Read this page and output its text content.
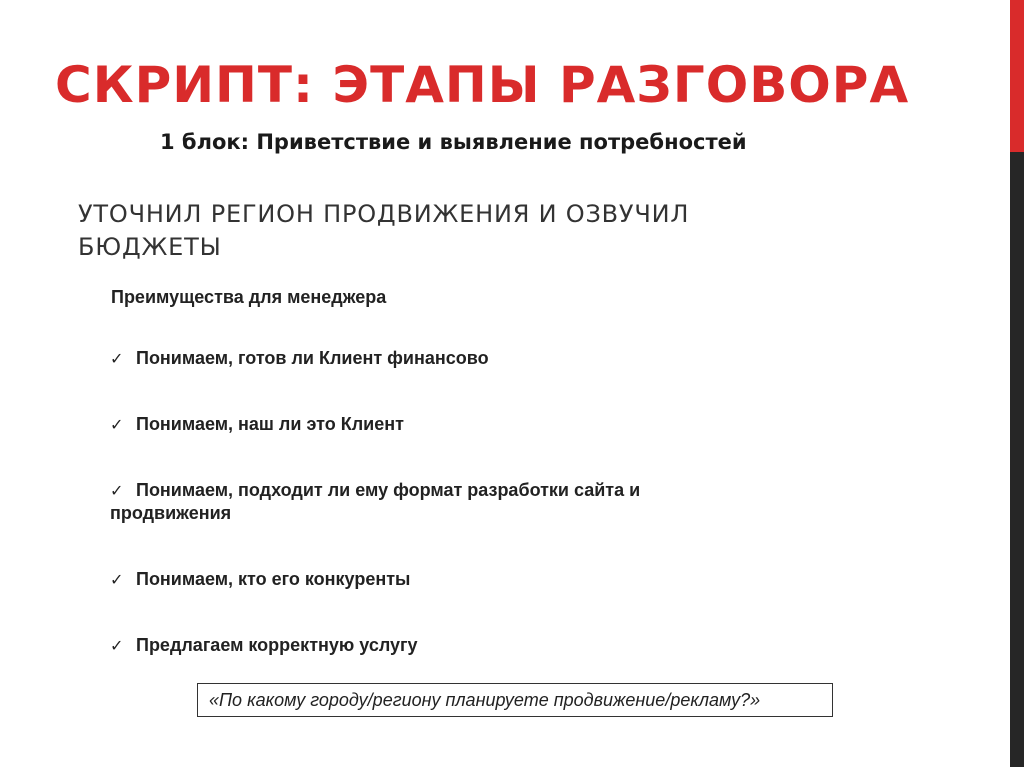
СКРИПТ: ЭТАПЫ РАЗГОВОРА
1 блок: Приветствие и выявление потребностей
УТОЧНИЛ РЕГИОН ПРОДВИЖЕНИЯ И ОЗВУЧИЛ БЮДЖЕТЫ
Преимущества для менеджера
✓ Понимаем, готов ли Клиент финансово
✓ Понимаем, наш ли это Клиент
✓ Понимаем, подходит ли ему формат разработки сайта и продвижения
✓ Понимаем, кто его конкуренты
✓ Предлагаем корректную услугу
«По какому городу/региону планируете продвижение/рекламу?»
